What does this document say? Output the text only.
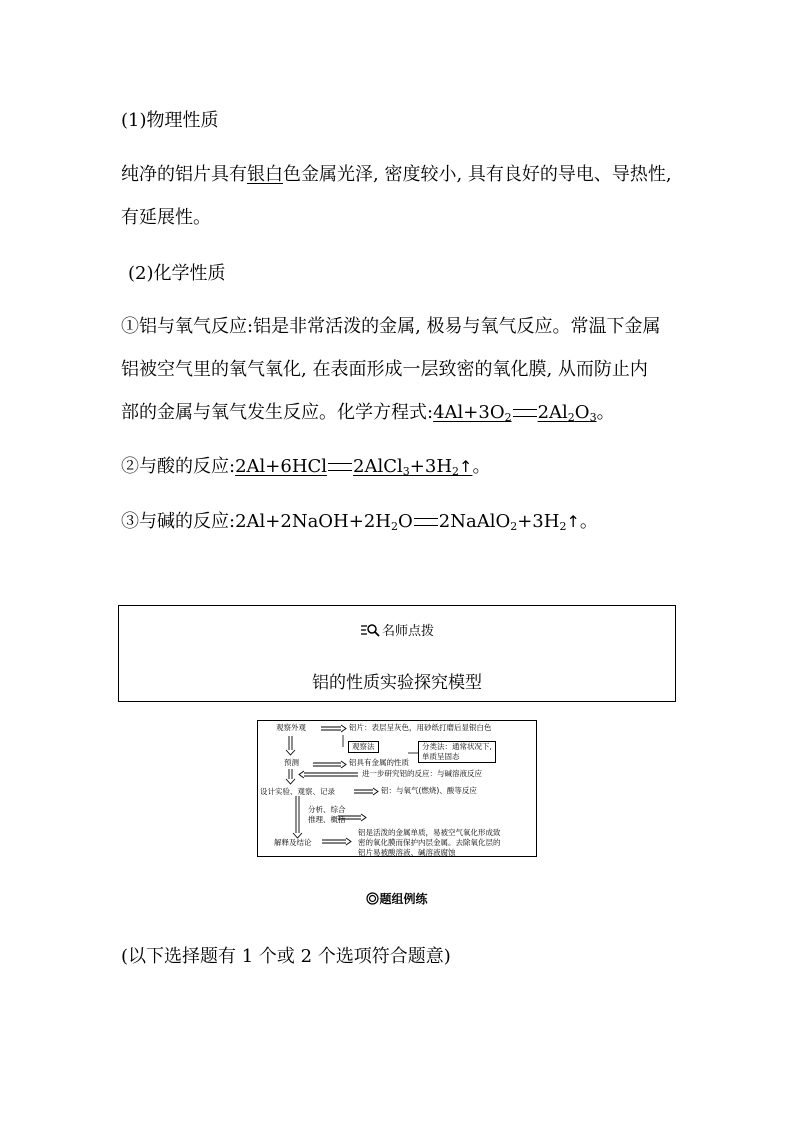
(1)物理性质
纯净的铝片具有银白色金属光泽, 密度较小, 具有良好的导电、导热性,
有延展性。
(2)化学性质
①铝与氧气反应:铝是非常活泼的金属, 极易与氧气反应。常温下金属
铝被空气里的氧气氧化, 在表面形成一层致密的氧化膜, 从而防止内
部的金属与氧气发生反应。化学方程式$:4Al+3O_2$ $2Al_2O_3$。
②与酸的反应:2Al+6HCl $2AlCl_3+3H_2↑$。
③与碱的反应$:2Al+2NaOH+2H_2O$ $2NaAlO_2+3H_2↑$。
名师点拨
铝的性质实验探究模型
观察外观
预测
设计实验、观察、记录
分析、综合
推理、概括
解释及结论
铝片：表层呈灰色，用砂纸打磨后显银白色
观察法
铝具有金属的性质
分类法：通常状况下,
单质呈固态
进一步研究铝的反应：与碱溶液反应
铝：与氧气(燃烧)、酸等反应
铝是活泼的金属单质，易被空气氧化形成致
密的氧化膜而保护内层金属。去除氧化层的
铝片易被酸溶液、碱溶液腐蚀
题组例练
(以下选择题有 1 个或 2 个选项符合题意)
